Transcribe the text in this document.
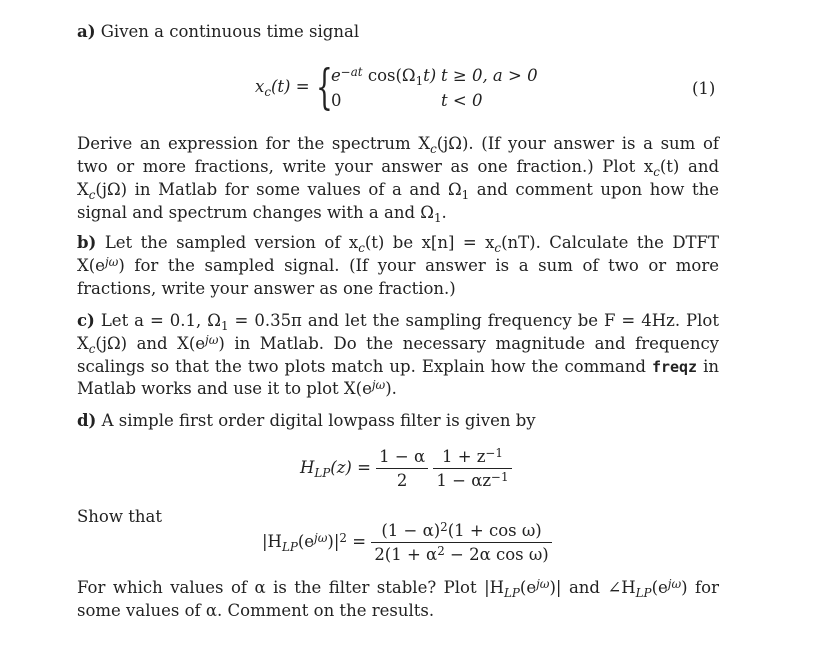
a) Given a continuous time signal
$x_c(t)$ = {
$e^{-at}$ $\cos(\Omega_1t) t \ge 0$, a > 0
0	t < 0
(1)
Derive an expression for the spectrum $X_c(j\Omega)$. (If your answer is a sum of two or more fractions, write your answer as one fraction.) Plot $x_c(t)$ and $X_c(j\Omega)$ in Matlab for some values of a and $\Omega_1$ and comment upon how the signal and spectrum changes with a and $\Omega_1$.
b) Let the sampled version of $x_c(t)$ be $x[n] = x_c(nT)$. Calculate the DTFT $X(e^{j\omega})$ for the sampled signal. (If your answer is a sum of two or more fractions, write your answer as one fraction.)
c) Let a = 0.1, $\Omega_1 = 0.35\pi$ and let the sampling frequency be F = 4Hz. Plot $X_c(j\Omega)$ and $X(e^{j\omega})$ in Matlab. Do the necessary magnitude and frequency scalings so that the two plots match up. Explain how the command freqz in Matlab works and use it to plot $X(e^{j\omega})$.
d) A simple first order digital lowpass filter is given by
$H_{LP}(z) = \frac{1 - \alpha}{2}$
$\frac{1 + z^{-1}}{1 - \alpha z^{-1}}$
Show that
$|H_{LP}(e^{j\omega})|^2 = \frac{(1 - \alpha)^2(1 + \cos \omega)}{2(1 + \alpha^2 - 2\alpha \cos \omega)}$
For which values of α is the filter stable? Plot $|H_{LP}(e^{j\omega})|$ and $\angle H_{LP}(e^{j\omega})$ for some values of α. Comment on the results.
